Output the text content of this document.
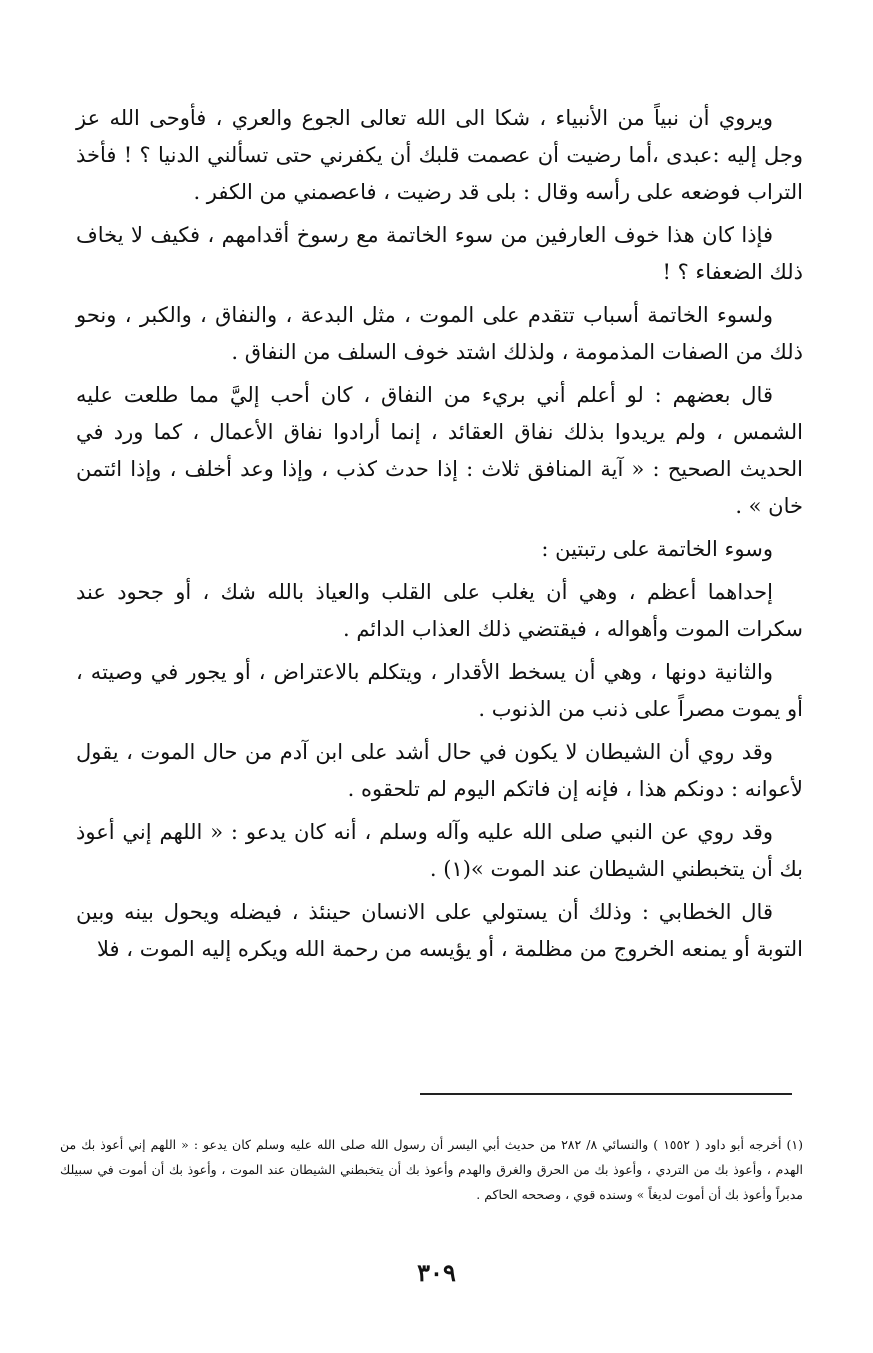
ويروي أن نبياً من الأنبياء ، شكا الى الله تعالى الجوع والعري ، فأوحى الله عز وجل إليه :عبدى ،أما رضيت أن عصمت قلبك أن يكفرني حتى تسألني الدنيا ؟ ! فأخذ التراب فوضعه على رأسه وقال : بلى قد رضيت ، فاعصمني من الكفر .

فإذا كان هذا خوف العارفين من سوء الخاتمة مع رسوخ أقدامهم ، فكيف لا يخاف ذلك الضعفاء ؟ !

ولسوء الخاتمة أسباب تتقدم على الموت ، مثل البدعة ، والنفاق ، والكبر ، ونحو ذلك من الصفات المذمومة ، ولذلك اشتد خوف السلف من النفاق .

قال بعضهم : لو أعلم أني بريء من النفاق ، كان أحب إليَّ مما طلعت عليه الشمس ، ولم يريدوا بذلك نفاق العقائد ، إنما أرادوا نفاق الأعمال ، كما ورد في الحديث الصحيح : « آية المنافق ثلاث : إذا حدث كذب ، وإذا وعد أخلف ، وإذا ائتمن خان » .

وسوء الخاتمة على رتبتين :

إحداهما أعظم ، وهي أن يغلب على القلب والعياذ بالله شك ، أو جحود عند سكرات الموت وأهواله ، فيقتضي ذلك العذاب الدائم .

والثانية دونها ، وهي أن يسخط الأقدار ، ويتكلم بالاعتراض ، أو يجور في وصيته ، أو يموت مصراً على ذنب من الذنوب .

وقد روي أن الشيطان لا يكون في حال أشد على ابن آدم من حال الموت ، يقول لأعوانه : دونكم هذا ، فإنه إن فاتكم اليوم لم تلحقوه .

وقد روي عن النبي صلى الله عليه وآله وسلم ، أنه كان يدعو : « اللهم إني أعوذ بك أن يتخبطني الشيطان عند الموت »(١) .

قال الخطابي : وذلك أن يستولي على الانسان حينئذ ، فيضله ويحول بينه وبين التوبة أو يمنعه الخروج من مظلمة ، أو يؤيسه من رحمة الله ويكره إليه الموت ، فلا

(١) أخرجه أبو داود ( ١٥٥٢ ) والنسائي ٨/ ٢٨٢ من حديث أبي اليسر أن رسول الله صلى الله عليه وسلم كان يدعو : « اللهم إني أعوذ بك من الهدم ، وأعوذ بك من التردي ، وأعوذ بك من الحرق والغرق والهدم وأعوذ بك أن يتخبطني الشيطان عند الموت ، وأعوذ بك أن أموت في سبيلك مدبراً وأعوذ بك أن أموت لديغاً » وسنده قوي ، وصححه الحاكم .

٣٠٩
